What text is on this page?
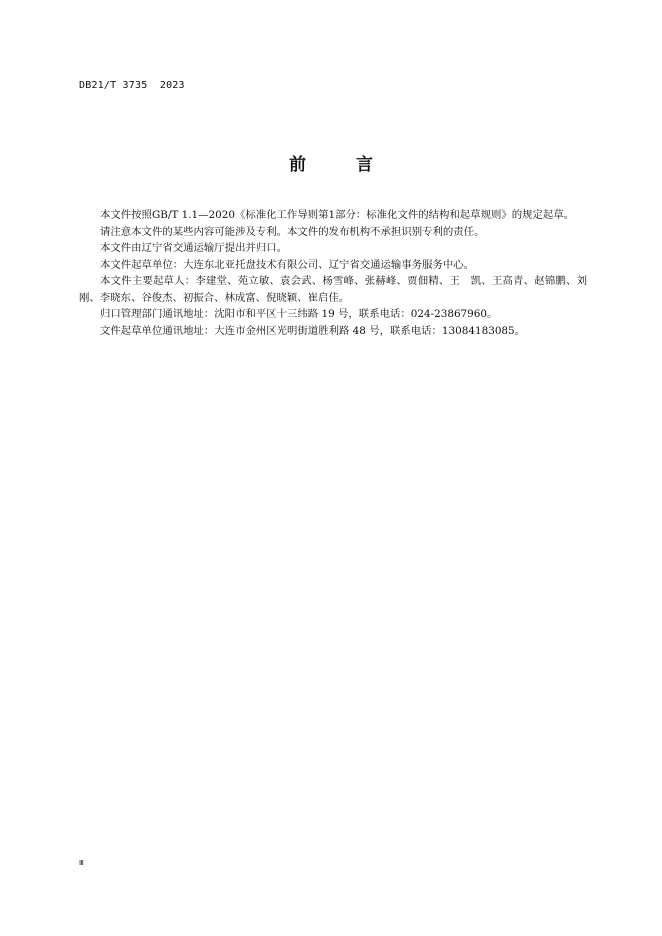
DB21/T 3735  2023
前 言

本文件按照GB/T 1.1—2020《标准化工作导则第1部分：标准化文件的结构和起草规则》的规定起草。

请注意本文件的某些内容可能涉及专利。本文件的发布机构不承担识别专利的责任。

本文件由辽宁省交通运输厅提出并归口。

本文件起草单位：大连东北亚托盘技术有限公司、辽宁省交通运输事务服务中心。

本文件主要起草人：李建堂、苑立敏、袁会武、杨雪峰、张赫峰、贾佃精、王　凯、王高青、赵锦鹏、刘　刚、李晓东、谷俊杰、初振合、林成富、倪晓颖、崔启佳。

归口管理部门通讯地址：沈阳市和平区十三纬路 19 号，联系电话：024-23867960。

文件起草单位通讯地址：大连市金州区光明街道胜利路 48 号，联系电话：13084183085。

Ⅲ
